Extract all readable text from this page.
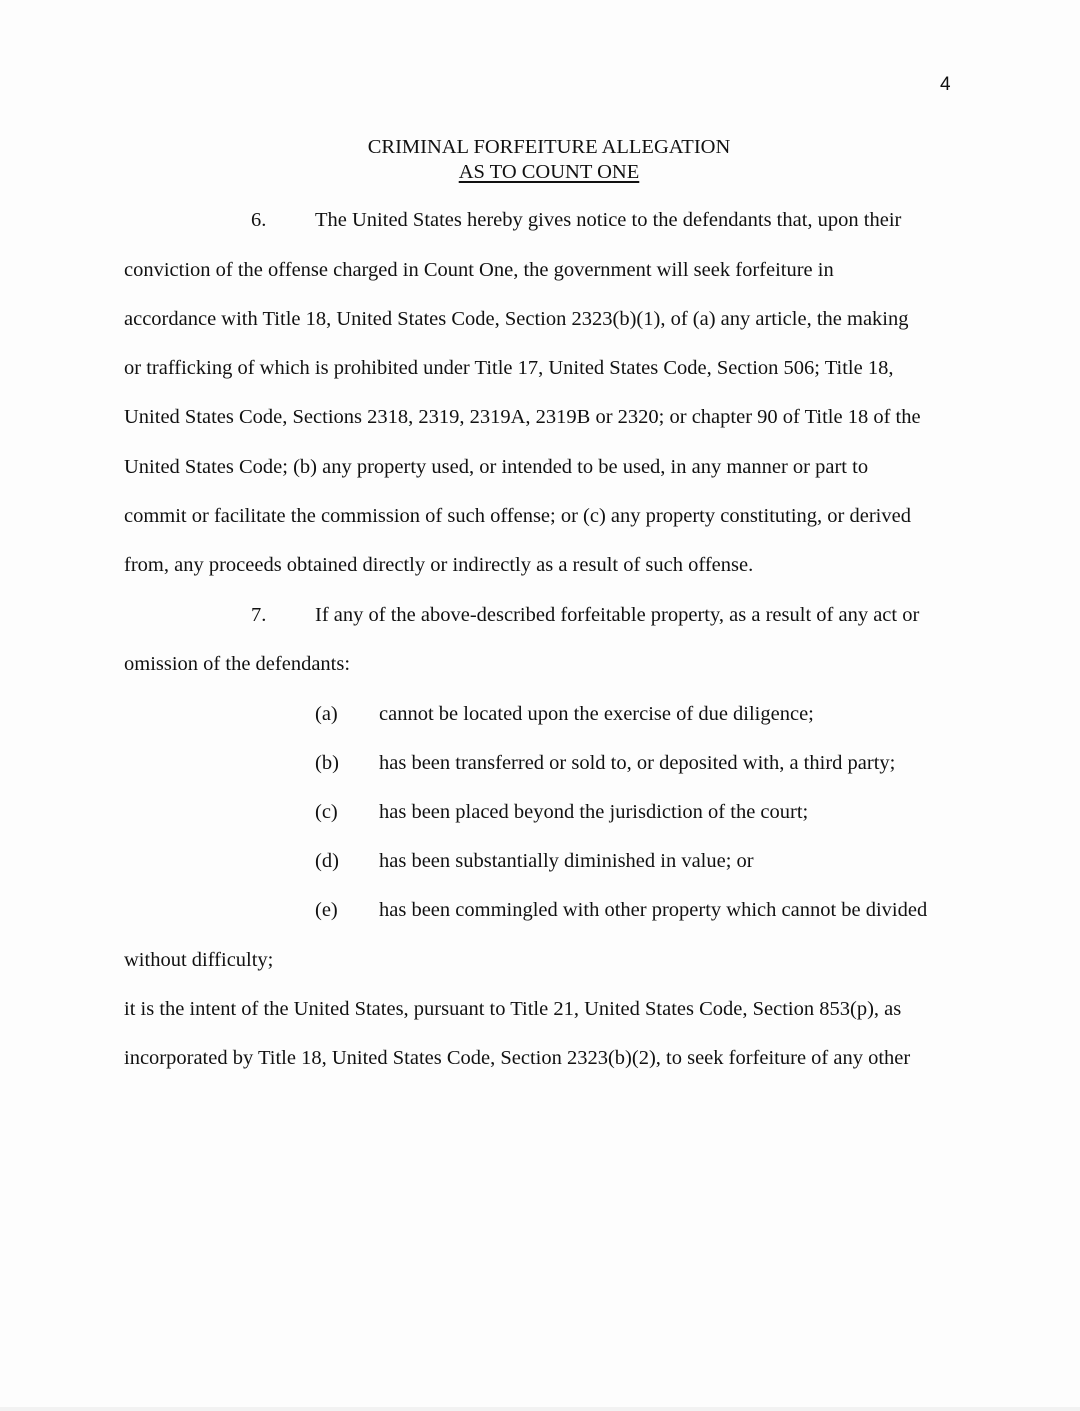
4
CRIMINAL FORFEITURE ALLEGATION
AS TO COUNT ONE
6. The United States hereby gives notice to the defendants that, upon their
conviction of the offense charged in Count One, the government will seek forfeiture in
accordance with Title 18, United States Code, Section 2323(b)(1), of (a) any article, the making
or trafficking of which is prohibited under Title 17, United States Code, Section 506; Title 18,
United States Code, Sections 2318, 2319, 2319A, 2319B or 2320; or chapter 90 of Title 18 of the
United States Code; (b) any property used, or intended to be used, in any manner or part to
commit or facilitate the commission of such offense; or (c) any property constituting, or derived
from, any proceeds obtained directly or indirectly as a result of such offense.
7. If any of the above-described forfeitable property, as a result of any act or
omission of the defendants:
(a) cannot be located upon the exercise of due diligence;
(b) has been transferred or sold to, or deposited with, a third party;
(c) has been placed beyond the jurisdiction of the court;
(d) has been substantially diminished in value; or
(e) has been commingled with other property which cannot be divided
without difficulty;
it is the intent of the United States, pursuant to Title 21, United States Code, Section 853(p), as
incorporated by Title 18, United States Code, Section 2323(b)(2), to seek forfeiture of any other
